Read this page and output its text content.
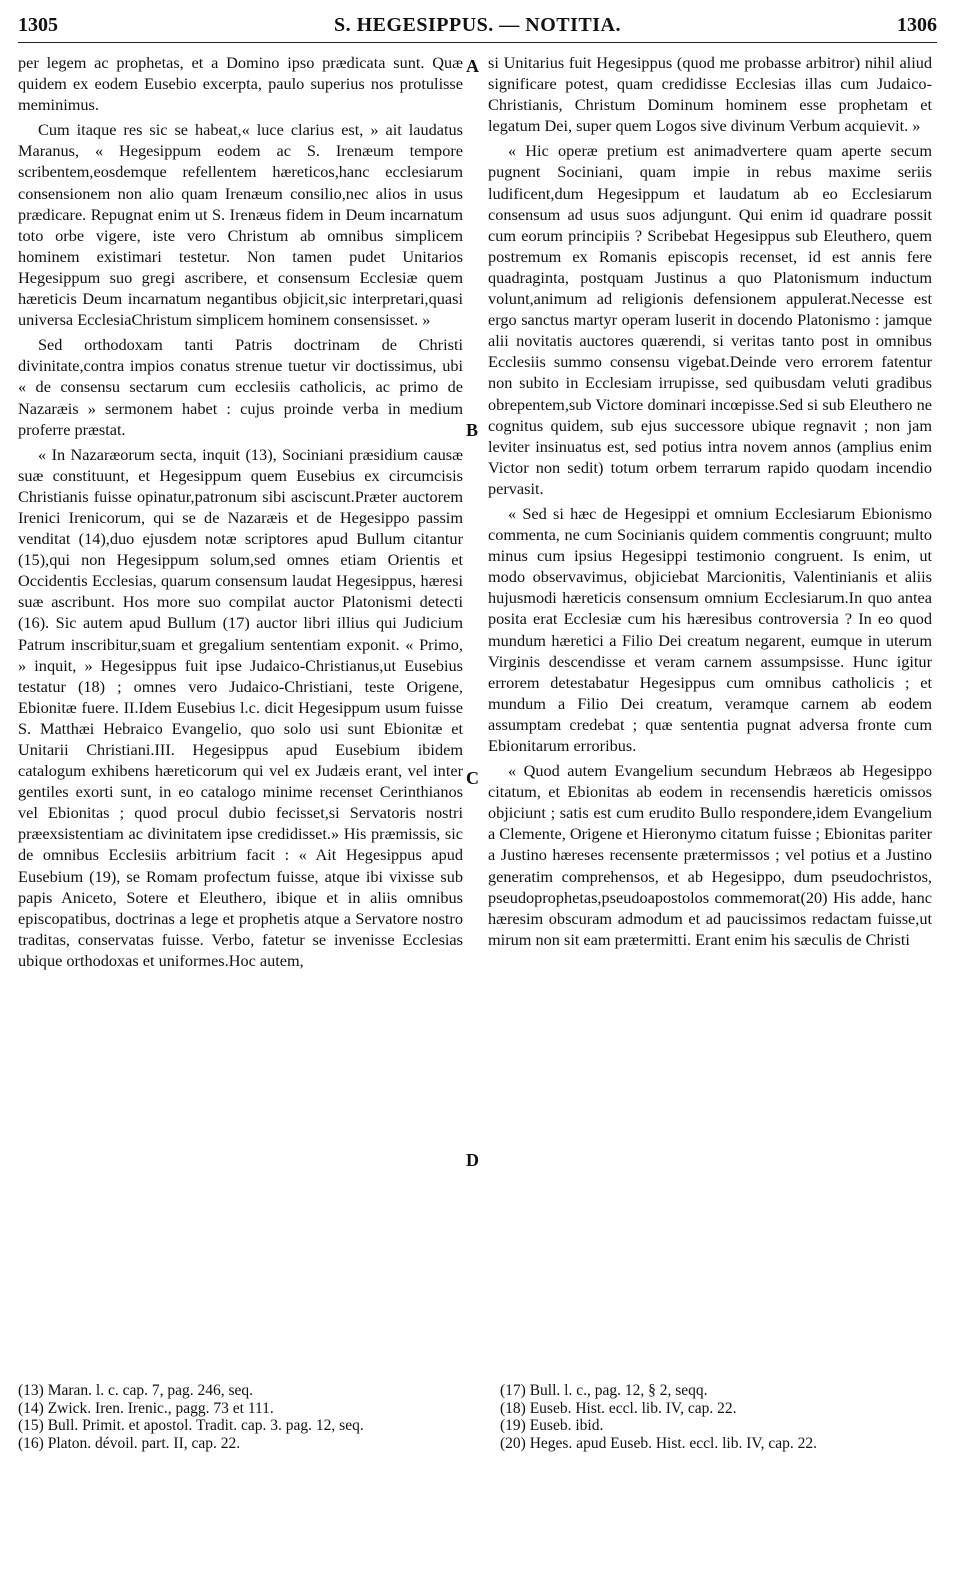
1305	S. HEGESIPPUS. — NOTITIA.	1306

per legem ac prophetas, et a Domino ipso prædicata sunt. Quæ quidem ex eodem Eusebio excerpta, paulo superius nos protulisse meminimus.

Cum itaque res sic se habeat,« luce clarius est, » ait laudatus Maranus, « Hegesippum eodem ac S. Irenæum tempore scribentem,eosdemque refellentem hæreticos,hanc ecclesiarum consensionem non alio quam Irenæum consilio,nec alios in usus prædicare. Repugnat enim ut S. Irenæus fidem in Deum incarnatum toto orbe vigere, iste vero Christum ab omnibus simplicem hominem existimari testetur. Non tamen pudet Unitarios Hegesippum suo gregi ascribere, et consensum Ecclesiæ quem hæreticis Deum incarnatum negantibus objicit,sic interpretari,quasi universa EcclesiaChristum simplicem hominem consensisset. »

Sed orthodoxam tanti Patris doctrinam de Christi divinitate,contra impios conatus strenue tuetur vir doctissimus, ubi « de consensu sectarum cum ecclesiis catholicis, ac primo de Nazaræis » sermonem habet : cujus proinde verba in medium proferre præstat.

« In Nazaræorum secta, inquit (13), Sociniani præsidium causæ suæ constituunt, et Hegesippum quem Eusebius ex circumcisis Christianis fuisse opinatur,patronum sibi asciscunt.Præter auctorem Irenici Irenicorum, qui se de Nazaræis et de Hegesippo passim venditat (14),duo ejusdem notæ scriptores apud Bullum citantur (15),qui non Hegesippum solum,sed omnes etiam Orientis et Occidentis Ecclesias, quarum consensum laudat Hegesippus, hæresi suæ ascribunt. Hos more suo compilat auctor Platonismi detecti (16). Sic autem apud Bullum (17) auctor libri illius qui Judicium Patrum inscribitur,suam et gregalium sententiam exponit. « Primo, » inquit, » Hegesippus fuit ipse Judaico-Christianus,ut Eusebius testatur (18) ; omnes vero Judaico-Christiani, teste Origene, Ebionitæ fuere. II.Idem Eusebius l.c. dicit Hegesippum usum fuisse S. Matthæi Hebraico Evangelio, quo solo usi sunt Ebionitæ et Unitarii Christiani.III. Hegesippus apud Eusebium ibidem catalogum exhibens hæreticorum qui vel ex Judæis erant, vel inter gentiles exorti sunt, in eo catalogo minime recenset Cerinthianos vel Ebionitas ; quod procul dubio fecisset,si Servatoris nostri præexsistentiam ac divinitatem ipse credidisset.» His præmissis, sic de omnibus Ecclesiis arbitrium facit : « Ait Hegesippus apud Eusebium (19), se Romam profectum fuisse, atque ibi vixisse sub papis Aniceto, Sotere et Eleuthero, ibique et in aliis omnibus episcopatibus, doctrinas a lege et prophetis atque a Servatore nostro traditas, conservatas fuisse. Verbo, fatetur se invenisse Ecclesias ubique orthodoxas et uniformes.Hoc autem,

A
B
C
D

si Unitarius fuit Hegesippus (quod me probasse arbitror) nihil aliud significare potest, quam credidisse Ecclesias illas cum Judaico-Christianis, Christum Dominum hominem esse prophetam et legatum Dei, super quem Logos sive divinum Verbum acquievit. »

« Hic operæ pretium est animadvertere quam aperte secum pugnent Sociniani, quam impie in rebus maxime seriis ludificent,dum Hegesippum et laudatum ab eo Ecclesiarum consensum ad usus suos adjungunt. Qui enim id quadrare possit cum eorum principiis ? Scribebat Hegesippus sub Eleuthero, quem postremum ex Romanis episcopis recenset, id est annis fere quadraginta, postquam Justinus a quo Platonismum inductum volunt,animum ad religionis defensionem appulerat.Necesse est ergo sanctus martyr operam luserit in docendo Platonismo : jamque alii novitatis auctores quærendi, si veritas tanto post in omnibus Ecclesiis summo consensu vigebat.Deinde vero errorem fatentur non subito in Ecclesiam irrupisse, sed quibusdam veluti gradibus obrepentem,sub Victore dominari incœpisse.Sed si sub Eleuthero ne cognitus quidem, sub ejus successore ubique regnavit ; non jam leviter insinuatus est, sed potius intra novem annos (amplius enim Victor non sedit) totum orbem terrarum rapido quodam incendio pervasit.

« Sed si hæc de Hegesippi et omnium Ecclesiarum Ebionismo commenta, ne cum Socinianis quidem commentis congruunt; multo minus cum ipsius Hegesippi testimonio congruent. Is enim, ut modo observavimus, objiciebat Marcionitis, Valentinianis et aliis hujusmodi hæreticis consensum omnium Ecclesiarum.In quo antea posita erat Ecclesiæ cum his hæresibus controversia ? In eo quod mundum hæretici a Filio Dei creatum negarent, eumque in uterum Virginis descendisse et veram carnem assumpsisse. Hunc igitur errorem detestabatur Hegesippus cum omnibus catholicis ; et mundum a Filio Dei creatum, veramque carnem ab eodem assumptam credebat ; quæ sententia pugnat adversa fronte cum Ebionitarum erroribus.

« Quod autem Evangelium secundum Hebræos ab Hegesippo citatum, et Ebionitas ab eodem in recensendis hæreticis omissos objiciunt ; satis est cum erudito Bullo respondere,idem Evangelium a Clemente, Origene et Hieronymo citatum fuisse ; Ebionitas pariter a Justino hæreses recensente prætermissos ; vel potius et a Justino generatim comprehensos, et ab Hegesippo, dum pseudochristos, pseudoprophetas,pseudoapostolos commemorat(20) His adde, hanc hæresim obscuram admodum et ad paucissimos redactam fuisse,ut mirum non sit eam prætermitti. Erant enim his sæculis de Christi

(13) Maran. l. c. cap. 7, pag. 246, seq.
(14) Zwick. Iren. Irenic., pagg. 73 et 111.
(15) Bull. Primit. et apostol. Tradit. cap. 3. pag. 12, seq.
(16) Platon. dévoil. part. II, cap. 22.
(17) Bull. l. c., pag. 12, § 2, seqq.
(18) Euseb. Hist. eccl. lib. IV, cap. 22.
(19) Euseb. ibid.
(20) Heges. apud Euseb. Hist. eccl. lib. IV, cap. 22.
